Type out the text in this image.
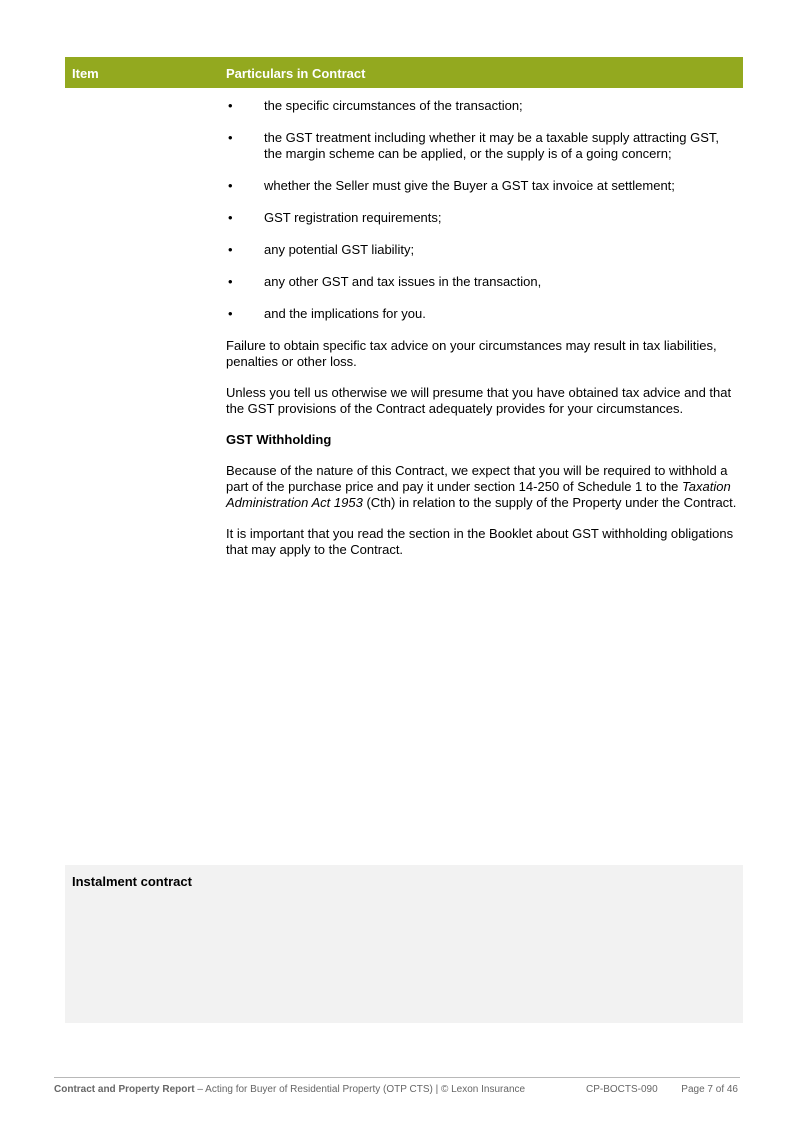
Item	Particulars in Contract
• the specific circumstances of the transaction;
• the GST treatment including whether it may be a taxable supply attracting GST, the margin scheme can be applied, or the supply is of a going concern;
• whether the Seller must give the Buyer a GST tax invoice at settlement;
• GST registration requirements;
• any potential GST liability;
• any other GST and tax issues in the transaction,
• and the implications for you.

Failure to obtain specific tax advice on your circumstances may result in tax liabilities, penalties or other loss.

Unless you tell us otherwise we will presume that you have obtained tax advice and that the GST provisions of the Contract adequately provides for your circumstances.

GST Withholding

Because of the nature of this Contract, we expect that you will be required to withhold a part of the purchase price and pay it under section 14-250 of Schedule 1 to the Taxation Administration Act 1953 (Cth) in relation to the supply of the Property under the Contract.

It is important that you read the section in the Booklet about GST withholding obligations that may apply to the Contract.

Instalment contract
Contract and Property Report – Acting for Buyer of Residential Property (OTP CTS) | © Lexon Insurance	CP-BOCTS-090 Page 7 of 46
